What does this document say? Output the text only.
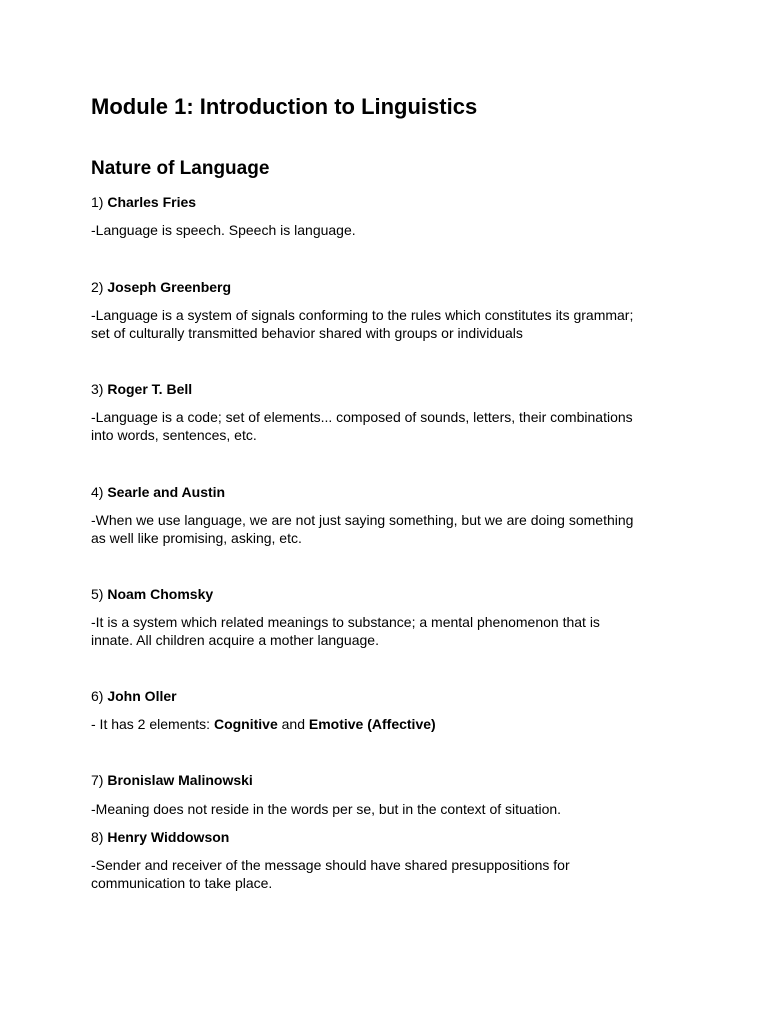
Module 1: Introduction to Linguistics
Nature of Language

1) Charles Fries

-Language is speech. Speech is language.

2) Joseph Greenberg

-Language is a system of signals conforming to the rules which constitutes its grammar;
set of culturally transmitted behavior shared with groups or individuals

3) Roger T. Bell

-Language is a code; set of elements... composed of sounds, letters, their combinations
into words, sentences, etc.

4) Searle and Austin

-When we use language, we are not just saying something, but we are doing something
as well like promising, asking, etc.

5) Noam Chomsky

-It is a system which related meanings to substance; a mental phenomenon that is
innate. All children acquire a mother language.

6) John Oller

- It has 2 elements: Cognitive and Emotive (Affective)

7) Bronislaw Malinowski

-Meaning does not reside in the words per se, but in the context of situation.

8) Henry Widdowson

-Sender and receiver of the message should have shared presuppositions for
communication to take place.
